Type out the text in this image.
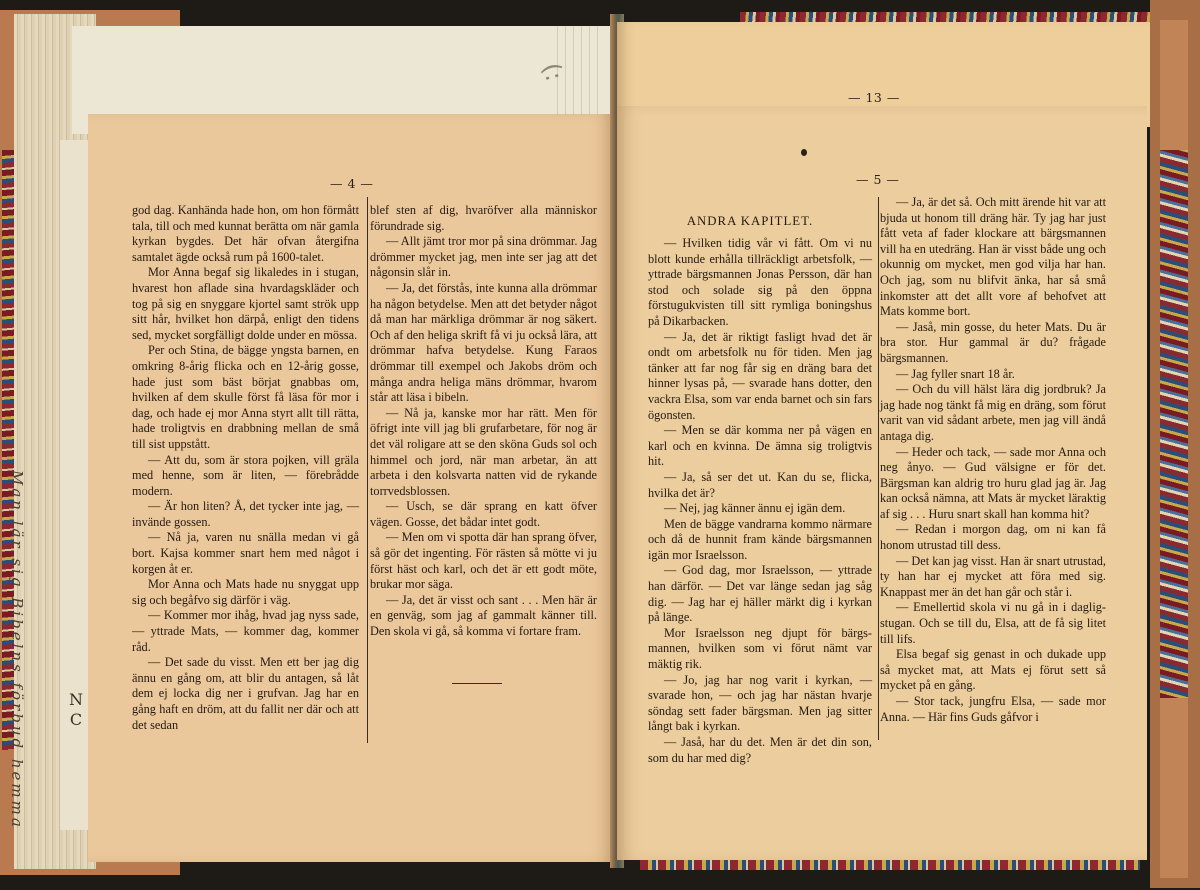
(:
Man lär sig Bibelns förbud hemma	N
C
— 4 —

god dag. Kanhända hade hon, om hon förmått tala, till och med kunnat berätta om när gamla kyrkan bygdes. Det här ofvan återgifna samtalet ägde också rum på 1600-talet.

Mor Anna begaf sig likaledes in i stugan, hvarest hon aflade sina hvardagskläder och tog på sig en snyggare kjortel samt strök upp sitt hår, hvilket hon därpå, enligt den tidens sed, mycket sorgfälligt dolde under en mössa.

Per och Stina, de bägge yngsta barnen, en omkring 8-årig flicka och en 12-årig gosse, hade just som bäst börjat gnabbas om, hvilken af dem skulle först få läsa för mor i dag, och hade ej mor Anna styrt allt till rätta, hade troligtvis en drabbning mellan de små till sist uppstått.

— Att du, som är stora pojken, vill gräla med henne, som är liten, — förebrådde modern.

— Är hon liten? Å, det tycker inte jag, — invände gossen.

— Nå ja, varen nu snälla medan vi gå bort. Kajsa kommer snart hem med något i korgen åt er.

Mor Anna och Mats hade nu snyggat upp sig och begåfvo sig därför i väg.

— Kommer mor ihåg, hvad jag nyss sade, — yttrade Mats, — kommer dag, kommer råd.

— Det sade du visst. Men ett ber jag dig ännu en gång om, att blir du antagen, så låt dem ej locka dig ner i grufvan. Jag har en gång haft en dröm, att du fallit ner där och att det sedan

blef sten af dig, hvaröfver alla människor förundrade sig.

— Allt jämt tror mor på sina drömmar. Jag drömmer mycket jag, men inte ser jag att det någonsin slår in.

— Ja, det förstås, inte kunna alla drömmar ha någon betydelse. Men att det betyder något då man har märkliga drömmar är nog säkert. Och af den heliga skrift få vi ju också lära, att drömmar hafva betydelse. Kung Faraos drömmar till exempel och Jakobs dröm och många andra heliga mäns drömmar, hvarom står att läsa i bibeln.

— Nå ja, kanske mor har rätt. Men för öfrigt inte vill jag bli grufarbetare, för nog är det väl roligare att se den sköna Guds sol och himmel och jord, när man arbetar, än att arbeta i den kolsvarta natten vid de rykande torrvedsblossen.

— Usch, se där sprang en katt öfver vägen. Gosse, det bådar intet godt.

— Men om vi spotta där han sprang öfver, så gör det ingenting. För rästen så mötte vi ju först häst och karl, och det är ett godt möte, brukar mor säga.

— Ja, det är visst och sant . . . Men här är en genväg, som jag af gammalt känner till. Den skola vi gå, så komma vi fortare fram.

— 13 —
— 5 —
ANDRA KAPITLET.

— Hvilken tidig vår vi fått. Om vi nu blott kunde erhålla tillräckligt arbetsfolk, — yttrade bärgsmannen Jonas Persson, där han stod och solade sig på den öppna förstugukvisten till sitt rymliga boningshus på Dikarbacken.

— Ja, det är riktigt fasligt hvad det är ondt om arbetsfolk nu för tiden. Men jag tänker att far nog får sig en dräng bara det hinner lysas på, — svarade hans dotter, den vackra Elsa, som var enda barnet och sin fars ögonsten.

— Men se där komma ner på vägen en karl och en kvinna. De ämna sig troligtvis hit.

— Ja, så ser det ut. Kan du se, flicka, hvilka det är?

— Nej, jag känner ännu ej igän dem.

Men de bägge vandrarna kommo närmare och då de hunnit fram kände bärgsmannen igän mor Israelsson.

— God dag, mor Israelsson, — yttrade han därför. — Det var länge sedan jag såg dig. — Jag har ej häller märkt dig i kyrkan på länge.

Mor Israelsson neg djupt för bärgsmannen, hvilken som vi förut nämt var mäktig rik.

— Jo, jag har nog varit i kyrkan, — svarade hon, — och jag har nästan hvarje söndag sett fader bärgsman. Men jag sitter långt bak i kyrkan.

— Jaså, har du det. Men är det din son, som du har med dig?

— Ja, är det så. Och mitt ärende hit var att bjuda ut honom till dräng här. Ty jag har just fått veta af fader klockare att bärgsmannen vill ha en utedräng. Han är visst både ung och okunnig om mycket, men god vilja har han. Och jag, som nu blifvit änka, har så små inkomster att det allt vore af behofvet att Mats komme bort.

— Jaså, min gosse, du heter Mats. Du är bra stor. Hur gammal är du? frågade bärgsmannen.

— Jag fyller snart 18 år.

— Och du vill hälst lära dig jordbruk? Ja jag hade nog tänkt få mig en dräng, som förut varit van vid sådant arbete, men jag vill ändå antaga dig.

— Heder och tack, — sade mor Anna och neg ånyo. — Gud välsigne er för det. Bärgsman kan aldrig tro huru glad jag är. Jag kan också nämna, att Mats är mycket läraktig af sig . . . Huru snart skall han komma hit?

— Redan i morgon dag, om ni kan få honom utrustad till dess.

— Det kan jag visst. Han är snart utrustad, ty han har ej mycket att föra med sig. Knappast mer än det han går och står i.

— Emellertid skola vi nu gå in i dagligstugan. Och se till du, Elsa, att de få sig litet till lifs.

Elsa begaf sig genast in och dukade upp så mycket mat, att Mats ej förut sett så mycket på en gång.

— Stor tack, jungfru Elsa, — sade mor Anna. — Här fins Guds gåfvor i
